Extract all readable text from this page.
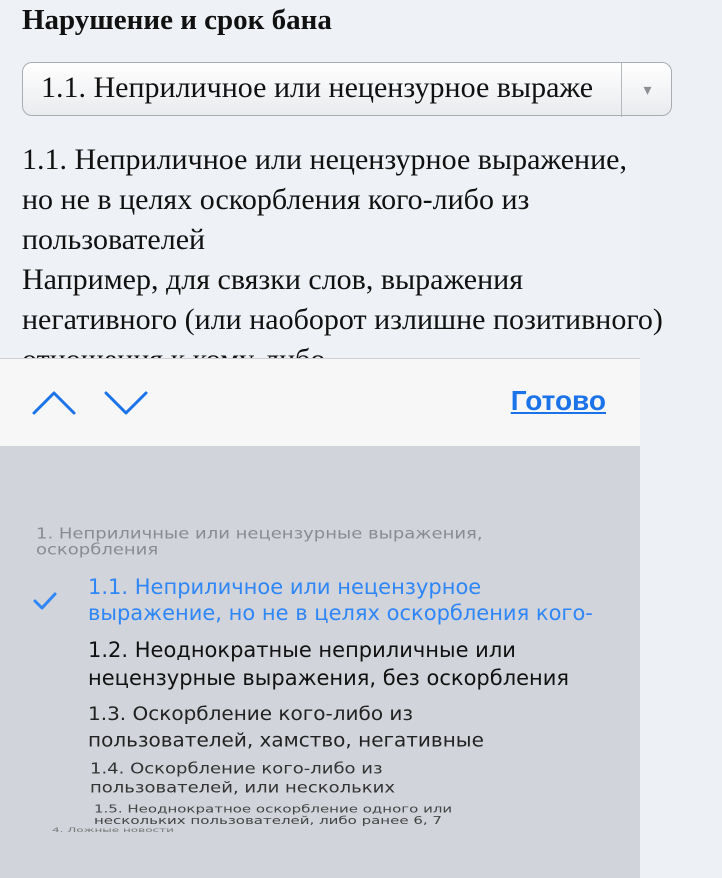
Нарушение и срок бана
1.1. Неприличное или нецензурное выраже	▾
1.1. Неприличное или нецензурное выражение,
но не в целях оскорбления кого-либо из
пользователей
Например, для связки слов, выражения
негативного (или наоборот излишне позитивного)
Готово
1. Неприличные или нецензурные выражения,
оскорбления
1.1. Неприличное или нецензурное
выражение, но не в целях оскорбления кого-
1.2. Неоднократные неприличные или
нецензурные выражения, без оскорбления
1.3. Оскорбление кого-либо из
пользователей, хамство, негативные
1.4. Оскорбление кого-либо из
пользователей, или нескольких
1.5. Неоднократное оскорбление одного или
нескольких пользователей, либо ранее 6, 7
4. Ложные новости
